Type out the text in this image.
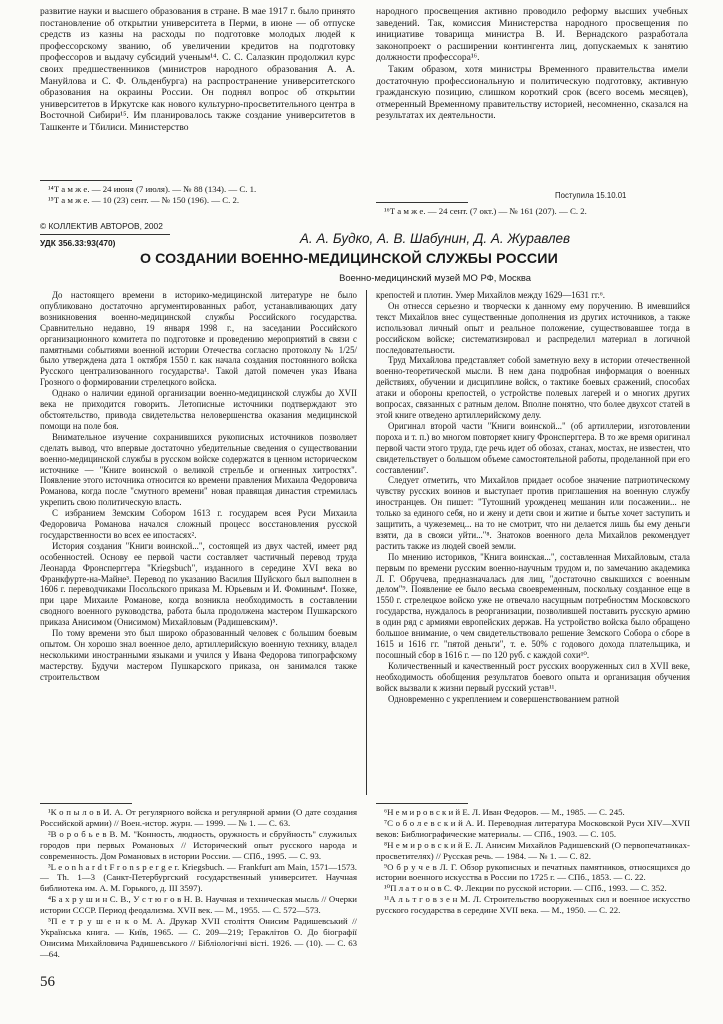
развитие науки и высшего образования в стране. В мае 1917 г. было принято постановление об открытии университета в Перми, в июне — об отпуске средств из казны на расходы по подготовке молодых людей к профессорскому званию, об увеличении кредитов на подготовку профессоров и выдачу субсидий ученым¹⁴. С. С. Салазкин продолжил курс своих предшественников (министров народного образования А. А. Мануйлова и С. Ф. Ольденбурга) на распространение университетского образования на окраины России. Он поднял вопрос об открытии университетов в Иркутске как нового культурно-просветительного центра в Восточной Сибири¹⁵. Им планировалось также создание университетов в Ташкенте и Тбилиси. Министерство

народного просвещения активно проводило реформу высших учебных заведений. Так, комиссия Министерства народного просвещения по инициативе товарища министра В. И. Вернадского разработала законопроект о расширении контингента лиц, допускаемых к занятию должности профессора¹⁶.

Таким образом, хотя министры Временного правительства имели достаточную профессиональную и политическую подготовку, активную гражданскую позицию, слишком короткий срок (всего восемь месяцев), отмеренный Временному правительству историей, несомненно, сказался на результатах их деятельности.

Поступила 15.10.01

¹⁴Т а м ж е. — 24 июня (7 июля). — № 88 (134). — С. 1.

¹⁵Т а м ж е. — 10 (23) сент. — № 150 (196). — С. 2.

¹⁶Т а м ж е. — 24 сент. (7 окт.) — № 161 (207). — С. 2.

© КОЛЛЕКТИВ АВТОРОВ, 2002
УДК 356.33:93(470)	А. А. Будко, А. В. Шабунин, Д. А. Журавлев
О СОЗДАНИИ ВОЕННО-МЕДИЦИНСКОЙ СЛУЖБЫ РОССИИ
Военно-медицинский музей МО РФ, Москва

До настоящего времени в историко-медицинской литературе не было опубликовано достаточно аргументированных работ, устанавливающих дату возникновения военно-медицинской службы Российского государства. Сравнительно недавно, 19 января 1998 г., на заседании Российского организационного комитета по подготовке и проведению мероприятий в связи с памятными событиями военной истории Отечества согласно протоколу № 1/25/ было утверждена дата 1 октября 1550 г. как начала создания постоянного войска Русского централизованного государства¹. Такой датой помечен указ Ивана Грозного о формировании стрелецкого войска.

Однако о наличии единой организации военно-медицинской службы до XVII века не приходится говорить. Летописные источники подтверждают это обстоятельство, привода свидетельства неловершенства оказания медицинской помощи на поле боя.

Внимательное изучение сохранившихся рукописных источников позволяет сделать вывод, что впервые достаточно убедительные сведения о существовании военно-медицинской службы в русском войске содержатся в ценном историческом источнике — "Книге воинской о великой стрельбе и огненных хитростях". Появление этого источника относится ко времени правления Михаила Федоровича Романова, когда после "смутного времени" новая правящая династия стремилась укрепить свою политическую власть.

С избранием Земским Собором 1613 г. государем всея Руси Михаила Федоровича Романова начался сложный процесс восстановления русской государственности во всех ее ипостасях².

История создания "Книги воинской...", состоящей из двух частей, имеет ряд особенностей. Основу ее первой части составляет частичный перевод труда Леонарда Фронсперггера "Kriegsbuch", изданного в середине XVI века во Франкфурте-на-Майне³. Перевод по указанию Василия Шуйского был выполнен в 1606 г. переводчиками Посольского приказа М. Юрьевым и И. Фоминым⁴. Позже, при царе Михаиле Романове, когда возникла необходимость в составлении сводного военного руководства, работа была продолжена мастером Пушкарского приказа Анисимом (Онисимом) Михайловым (Радишевским)⁵.

По тому времени это был широко образованный человек с большим боевым опытом. Он хорошо знал военное дело, артиллерийскую военную технику, владел несколькими иностранными языками и учился у Ивана Федорова типографскому мастерству. Будучи мастером Пушкарского приказа, он занимался также строительством

крепостей и плотин. Умер Михайлов между 1629—1631 гг.⁶.

Он отнесся серьезно и творчески к данному ему поручению. В имевшийся текст Михайлов внес существенные дополнения из других источников, а также использовал личный опыт и реальное положение, существовавшее тогда в российском войске; систематизировал и распределил материал в логичной последовательности.

Труд Михайлова представляет собой заметную веху в истории отечественной военно-теоретической мысли. В нем дана подробная информация о военных действиях, обучении и дисциплине войск, о тактике боевых сражений, способах атаки и обороны крепостей, о устройстве полевых лагерей и о многих других вопросах, связанных с ратным делом. Вполне понятно, что более двухсот статей в этой книге отведено артиллерийскому делу.

Оригинал второй части "Книги воинской..." (об артиллерии, изготовлении пороха и т. п.) во многом повторяет книгу Фронсперггера. В то же время оригинал первой части этого труда, где речь идет об обозах, станах, мостах, не известен, что свидетельствует о большом объеме самостоятельной работы, проделанной при его составлении⁷.

Следует отметить, что Михайлов придает особое значение патриотическому чувству русских воинов и выступает против приглашения на военную службу иностранцев. Он пишет: "Тутошний урожденец мешанин или посажении... не только за единого себя, но и жену и дети свои и житие и бытье хочет заступить и защитить, а чужеземец... на то не смотрит, что ни делается лишь бы ему деньги взяти, да в свояси уйти..."⁸. Знатоков военного дела Михайлов рекомендует растить также из людей своей земли.

По мнению историков, "Книга воинская...", составленная Михайловым, стала первым по времени русским военно-научным трудом и, по замечанию академика Л. Г. Обручева, предназначалась для лиц, "достаточно свыкшихся с военным делом"⁹. Появление ее было весьма своевременным, поскольку созданное еще в 1550 г. стрелецкое войско уже не отвечало насущным потребностям Московского государства, нуждалось в реорганизации, позволившей поставить русскую армию в один ряд с армиями европейских держав. На устройство войска было обращено большое внимание, о чем свидетельствовало решение Земского Собора о сборе в 1615 и 1616 гг. "пятой деньги", т. е. 50% с годового дохода плательщика, и посошный сбор в 1616 г. — по 120 руб. с каждой сохи¹⁰.

Количественный и качественный рост русских вооруженных сил в XVII веке, необходимость обобщения результатов боевого опыта и организация обучения войск вызвали к жизни первый русский устав¹¹.

Одновременно с укреплением и совершенствованием ратной

¹К о п ы л о в И. А. От регулярного войска и регулярной армии (О дате создания Российской армии) // Воен.-истор. журн. — 1999. — № 1. — С. 63.

²В о р о б ь е в В. М. "Конность, людность, оружность и сбруйность" служилых городов при первых Романовых // Исторический опыт русского народа и современность. Дом Романовых в истории России. — СПб., 1995. — С. 93.

³L e o n h a r d t F r o n s p e r g e r. Kriegsbuch. — Frankfurt am Main, 1571—1573. — Th. 1—3 (Санкт-Петербургский государственный университет. Научная библиотека им. А. М. Горького, д. III 3597).

⁴Б а х р у ш и н С. В., У с т ю г о в Н. В. Научная и техническая мысль // Очерки истории СССР. Период феодализма. XVII век. — М., 1955. — С. 572—573.

⁵П е т р у ш е н к о М. А. Друкар XVII століття Онисим Радишевський // Українська книга. — Київ, 1965. — С. 209—219; Гераклітов О. До біографії Онисима Михайловича Радишевського // Бібліологічні вісті. 1926. — (10). — С. 63—64.

⁶Н е м и р о в с к и й Е. Л. Иван Федоров. — М., 1985. — С. 245.

⁷С о б о л е в с к и й А. И. Переводная литература Московской Руси XIV—XVII веков: Библиографические материалы. — СПб., 1903. — С. 105.

⁸Н е м и р о в с к и й Е. Л. Анисим Михайлов Радишевский (О первопечатниках-просветителях) // Русская речь. — 1984. — № 1. — С. 82.

⁹О б р у ч е в Л. Г. Обзор рукописных и печатных памятников, относящихся до истории военного искусства в России по 1725 г. — СПб., 1853. — С. 22.

¹⁰П л а т о н о в С. Ф. Лекции по русской истории. — СПб., 1993. — С. 352.

¹¹А л ь т г о в з е н М. Л. Строительство вооруженных сил и военное искусство русского государства в середине XVII века. — М., 1950. — С. 22.

56
